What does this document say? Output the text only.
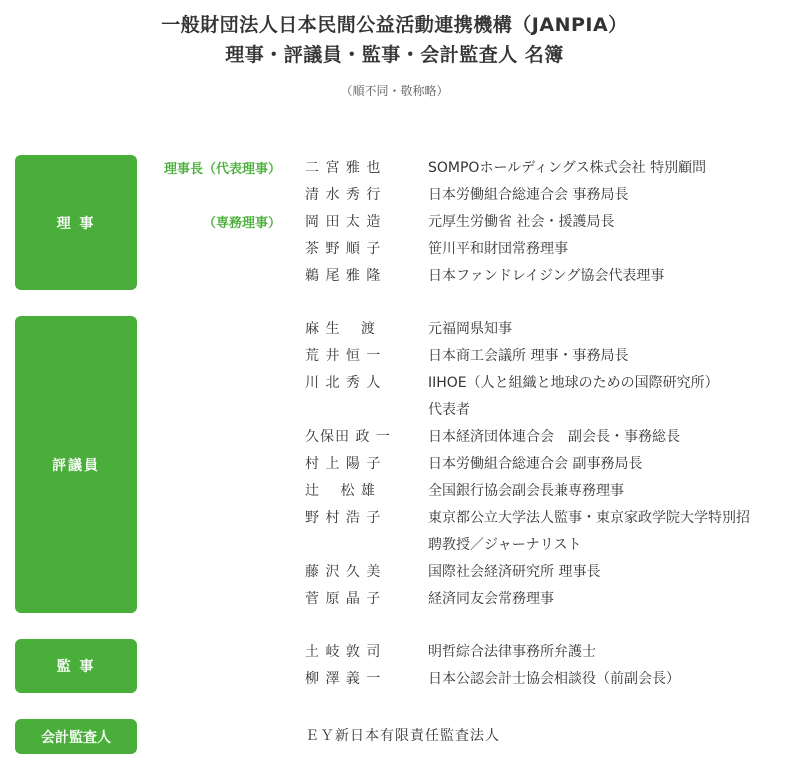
一般財団法人日本民間公益活動連携機構（JANPIA）
理事・評議員・監事・会計監査人 名簿
（順不同・敬称略）
理 事
理事長（代表理事） 二 宮 雅 也	SOMPOホールディングス株式会社 特別顧問
清 水 秀 行	日本労働組合総連合会 事務局長
（専務理事） 岡 田 太 造	元厚生労働省 社会・援護局長
茶 野 順 子	笹川平和財団常務理事
鵜 尾 雅 隆	日本ファンドレイジング協会代表理事
評議員
麻 生　 渡	元福岡県知事
荒 井 恒 一	日本商工会議所 理事・事務局長
川 北 秀 人	IIHOE（人と組織と地球のための国際研究所）
代表者
久保田 政 一	日本経済団体連合会　副会長・事務総長
村 上 陽 子	日本労働組合総連合会 副事務局長
辻　 松 雄	全国銀行協会副会長兼専務理事
野 村 浩 子	東京都公立大学法人監事・東京家政学院大学特別招
聘教授／ジャーナリスト
藤 沢 久 美	国際社会経済研究所 理事長
菅 原 晶 子	経済同友会常務理事
監 事
土 岐 敦 司	明哲綜合法律事務所弁護士
柳 澤 義 一	日本公認会計士協会相談役（前副会長）
会計監査人	ＥＹ新日本有限責任監査法人
